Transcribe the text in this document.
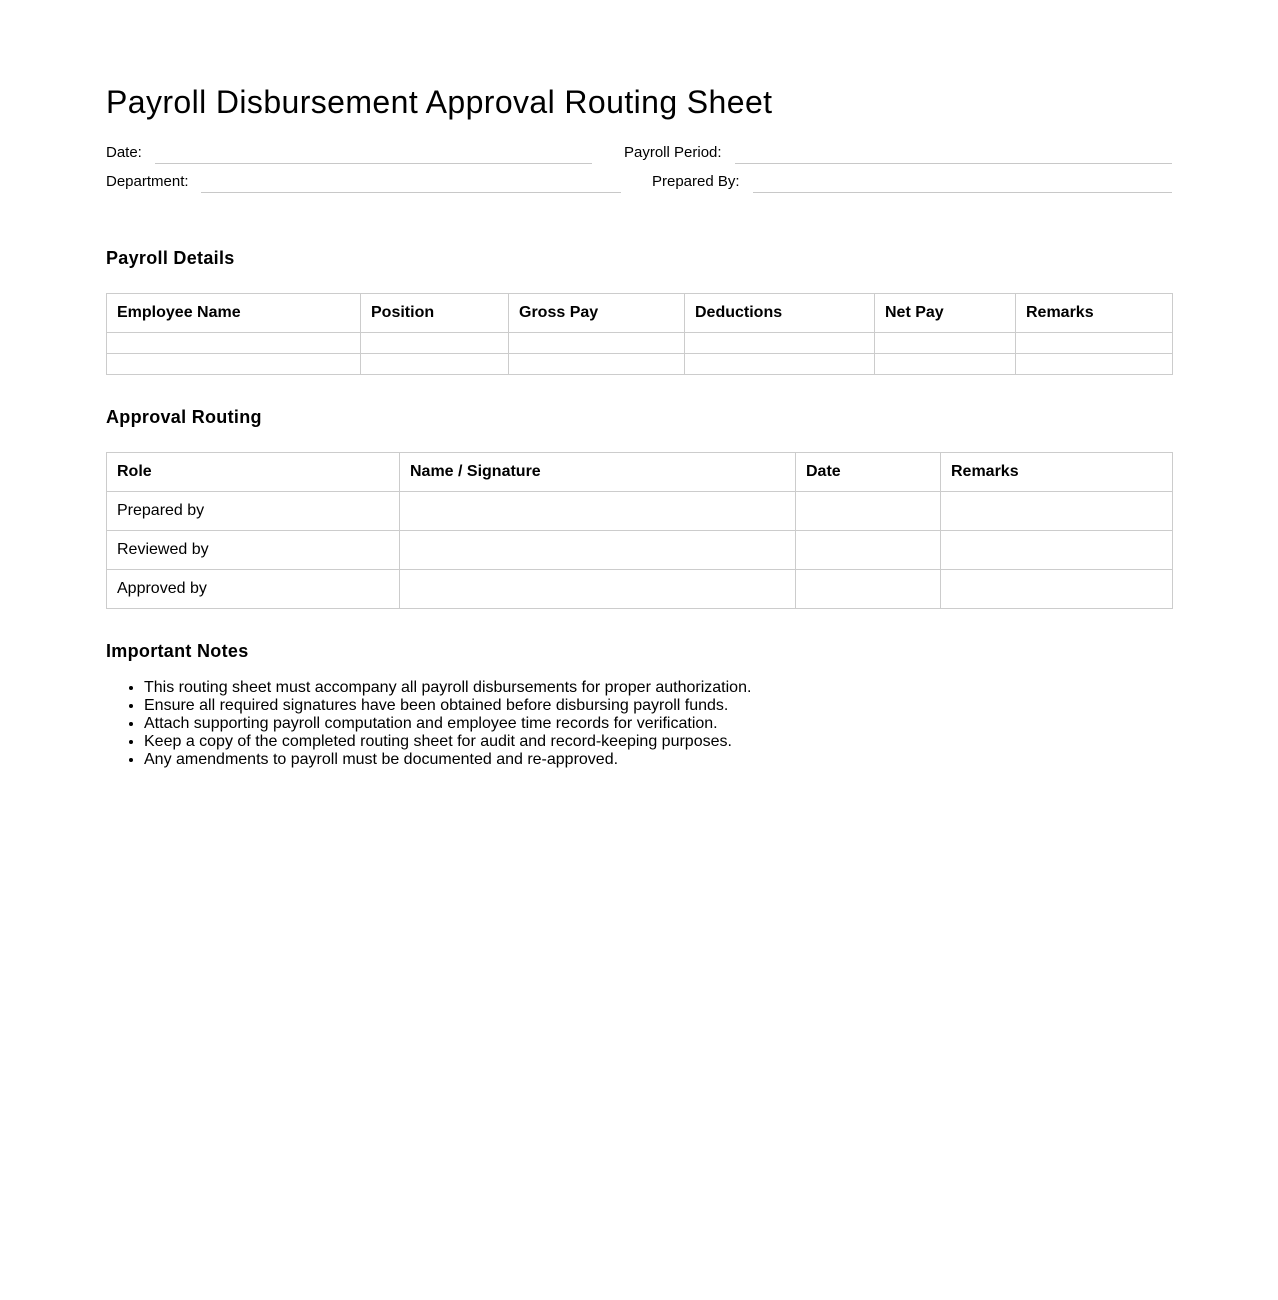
Payroll Disbursement Approval Routing Sheet
Date:	Payroll Period:
Department:	Prepared By:
Payroll Details
Employee Name	Position	Gross Pay	Deductions	Net Pay	Remarks

Approval Routing
Role	Name / Signature	Date	Remarks
Prepared by			
Reviewed by			
Approved by			
Important Notes
• This routing sheet must accompany all payroll disbursements for proper authorization.
• Ensure all required signatures have been obtained before disbursing payroll funds.
• Attach supporting payroll computation and employee time records for verification.
• Keep a copy of the completed routing sheet for audit and record-keeping purposes.
• Any amendments to payroll must be documented and re-approved.
